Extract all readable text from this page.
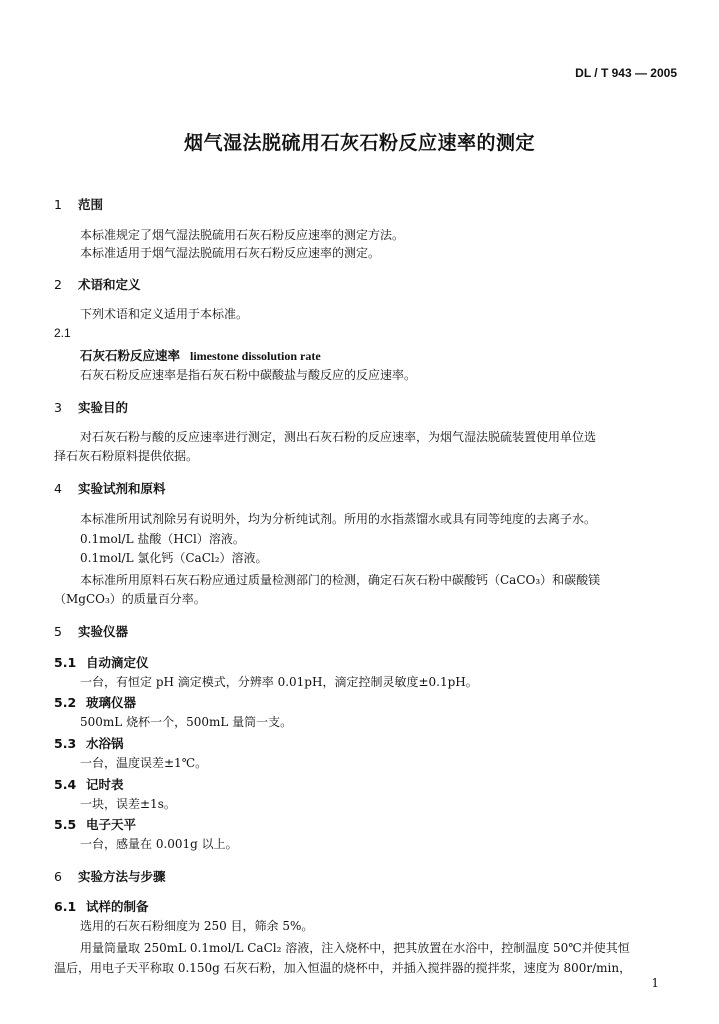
DL / T 943 — 2005
烟气湿法脱硫用石灰石粉反应速率的测定
1 范围
本标准规定了烟气湿法脱硫用石灰石粉反应速率的测定方法。
本标准适用于烟气湿法脱硫用石灰石粉反应速率的测定。
2 术语和定义
下列术语和定义适用于本标准。
2.1
石灰石粉反应速率 limestone dissolution rate
石灰石粉反应速率是指石灰石粉中碳酸盐与酸反应的反应速率。
3 实验目的
对石灰石粉与酸的反应速率进行测定，测出石灰石粉的反应速率，为烟气湿法脱硫装置使用单位选
择石灰石粉原料提供依据。
4 实验试剂和原料
本标准所用试剂除另有说明外，均为分析纯试剂。所用的水指蒸馏水或具有同等纯度的去离子水。
0.1mol/L 盐酸（HCl）溶液。
0.1mol/L 氯化钙（CaCl₂）溶液。
本标准所用原料石灰石粉应通过质量检测部门的检测，确定石灰石粉中碳酸钙（CaCO₃）和碳酸镁
（MgCO₃）的质量百分率。
5 实验仪器
5.1 自动滴定仪
一台，有恒定 pH 滴定模式，分辨率 0.01pH，滴定控制灵敏度±0.1pH。
5.2 玻璃仪器
500mL 烧杯一个，500mL 量筒一支。
5.3 水浴锅
一台，温度误差±1℃。
5.4 记时表
一块，误差±1s。
5.5 电子天平
一台，感量在 0.001g 以上。
6 实验方法与步骤
6.1 试样的制备
选用的石灰石粉细度为 250 目，筛余 5%。
用量筒量取 250mL 0.1mol/L CaCl₂ 溶液，注入烧杯中，把其放置在水浴中，控制温度 50℃并使其恒
温后，用电子天平称取 0.150g 石灰石粉，加入恒温的烧杯中，并插入搅拌器的搅拌浆，速度为 800r/min，
1
